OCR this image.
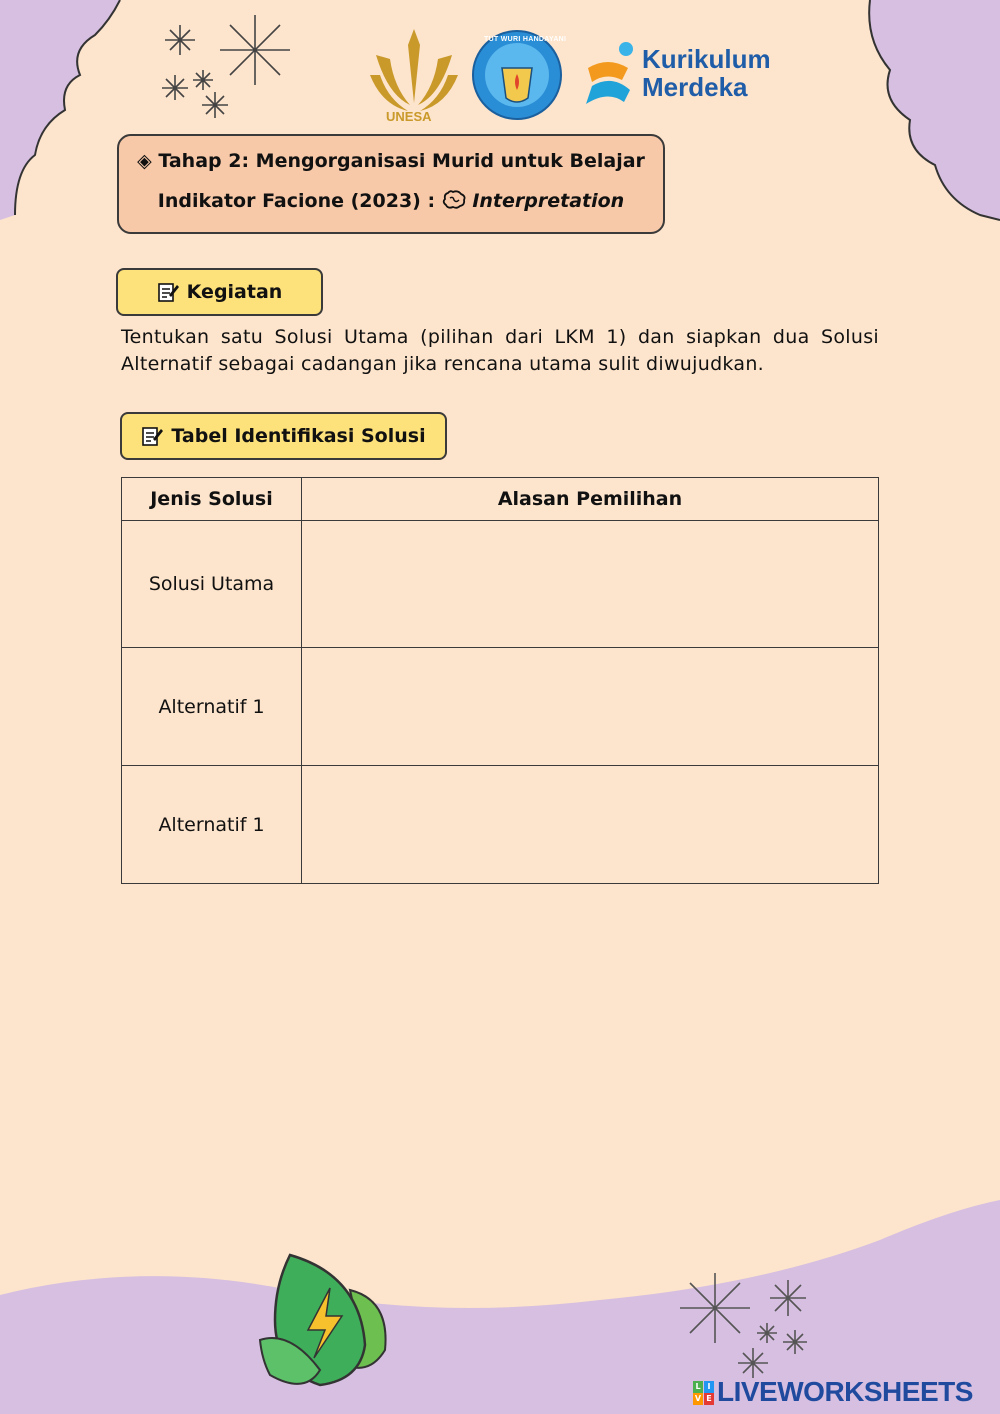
UNESA
TUT WURI HANDAYANI
Kurikulum
Merdeka
◈ Tahap 2: Mengorganisasi Murid untuk Belajar
Indikator Facione (2023) : Interpretation
Kegiatan
Tentukan satu Solusi Utama (pilihan dari LKM 1) dan siapkan dua Solusi Alternatif sebagai cadangan jika rencana utama sulit diwujudkan.
Tabel Identifikasi Solusi
Jenis Solusi	Alasan Pemilihan
Solusi Utama	
Alternatif 1	
Alternatif 1	
L I
V E LIVEWORKSHEETS
